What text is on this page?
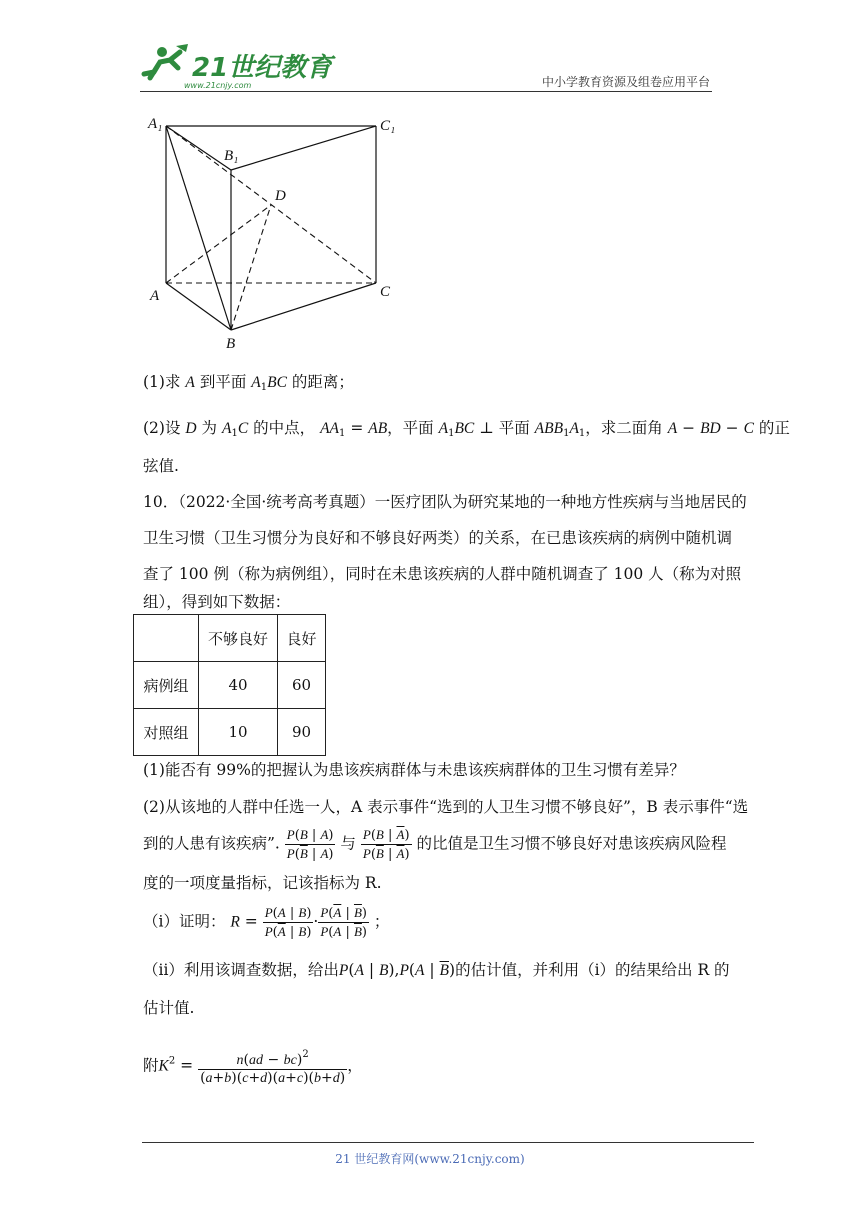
21世纪教育
www.21cnjy.com	中小学教育资源及组卷应用平台
A₁
B₁
C₁
D
A
B
C
(1)求 A 到平面 $A_1BC$ 的距离；
(2)设 D 为 $A_1C$ 的中点， $AA_1$ = AB，平面 $A_1BC$ ⊥ 平面 $ABB_1A_1$，求二面角 A − BD − C 的正
弦值.
10．（2022·全国·统考高考真题）一医疗团队为研究某地的一种地方性疾病与当地居民的
卫生习惯（卫生习惯分为良好和不够良好两类）的关系，在已患该疾病的病例中随机调
查了 100 例（称为病例组），同时在未患该疾病的人群中随机调查了 100 人（称为对照
组），得到如下数据：
	不够良好	良好
病例组	40	60
对照组	10	90
(1)能否有 99%的把握认为患该疾病群体与未患该疾病群体的卫生习惯有差异？
(2)从该地的人群中任选一人，A 表示事件“选到的人卫生习惯不够良好”，B 表示事件“选
到的人患有该疾病”. $\frac{P(B | A)}{P(\overline{B} | A)}$ 与 $\frac{P(B | \overline{A})}{P(\overline{B} | \overline{A})}$ 的比值是卫生习惯不够良好对患该疾病风险程
度的一项度量指标，记该指标为 R.
（i）证明： $R = \frac{P(A | B)}{P(\overline{A} | B)} \cdot \frac{P(\overline{A} | \overline{B})}{P(A | \overline{B})}$ ；
（ii）利用该调查数据，给出P(A | B),P(A | $\overline{B}$)的估计值，并利用（i）的结果给出 R 的
估计值.
附$K^2 = \frac{n(ad - bc)^2}{(a+b)(c+d)(a+c)(b+d)}$ ，
21 世纪教育网(www.21cnjy.com)
